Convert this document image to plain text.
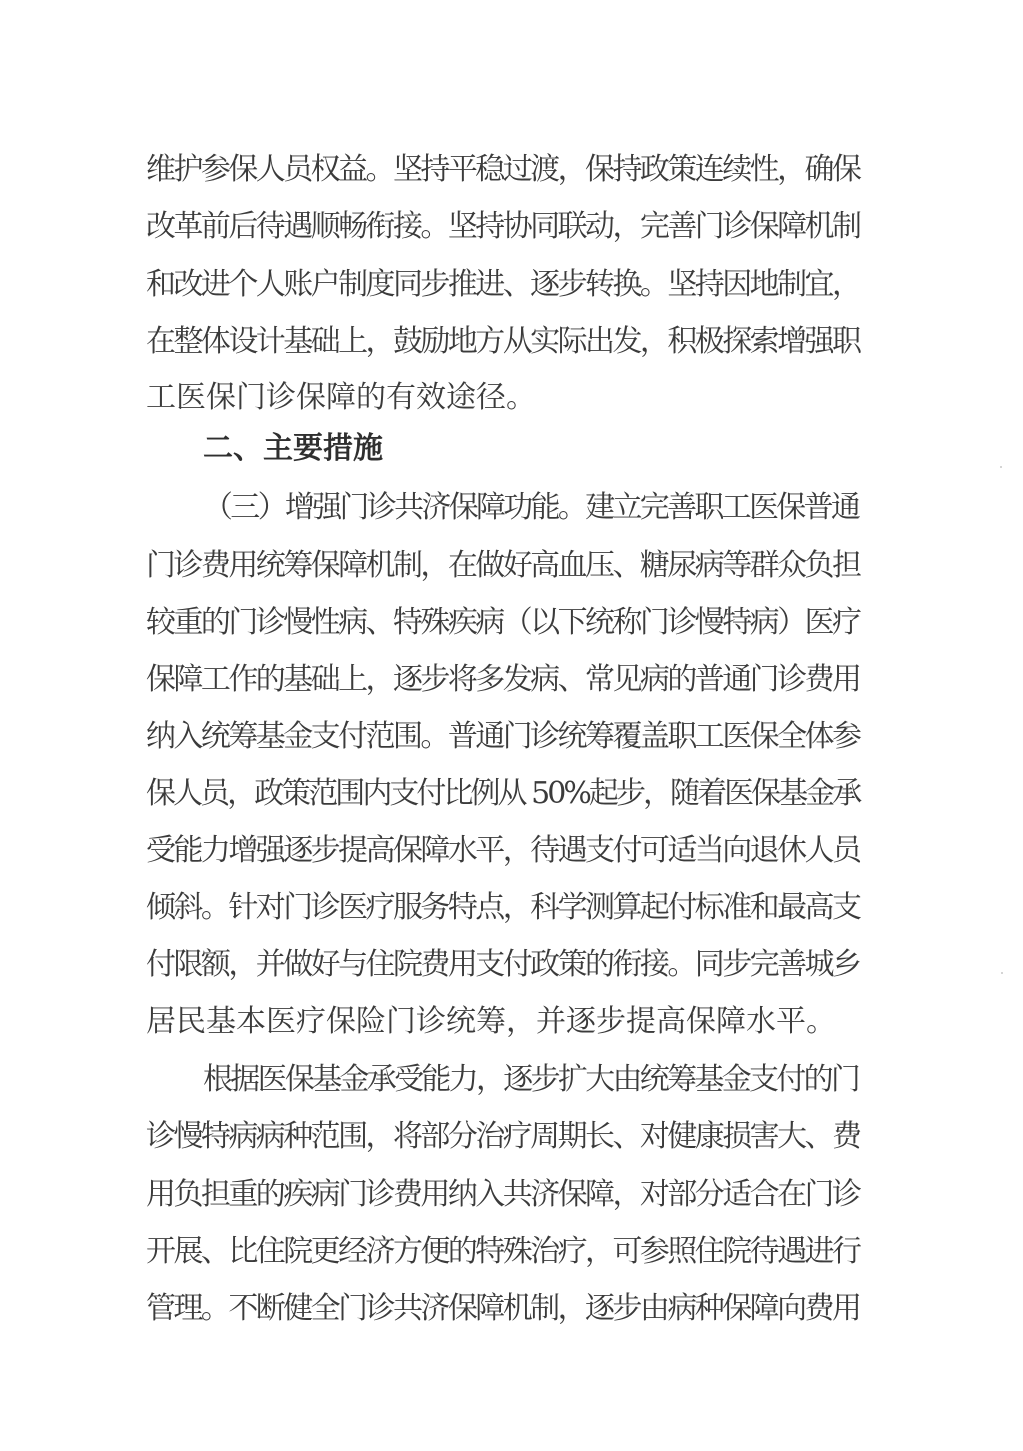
维护参保人员权益。坚持平稳过渡，保持政策连续性，确保
改革前后待遇顺畅衔接。坚持协同联动，完善门诊保障机制
和改进个人账户制度同步推进、逐步转换。坚持因地制宜，
在整体设计基础上，鼓励地方从实际出发，积极探索增强职
工医保门诊保障的有效途径。
二、主要措施
（三）增强门诊共济保障功能。建立完善职工医保普通
门诊费用统筹保障机制，在做好高血压、糖尿病等群众负担
较重的门诊慢性病、特殊疾病（以下统称门诊慢特病）医疗
保障工作的基础上，逐步将多发病、常见病的普通门诊费用
纳入统筹基金支付范围。普通门诊统筹覆盖职工医保全体参
保人员，政策范围内支付比例从 50%起步，随着医保基金承
受能力增强逐步提高保障水平，待遇支付可适当向退休人员
倾斜。针对门诊医疗服务特点，科学测算起付标准和最高支
付限额，并做好与住院费用支付政策的衔接。同步完善城乡
居民基本医疗保险门诊统筹，并逐步提高保障水平。
根据医保基金承受能力，逐步扩大由统筹基金支付的门
诊慢特病病种范围，将部分治疗周期长、对健康损害大、费
用负担重的疾病门诊费用纳入共济保障，对部分适合在门诊
开展、比住院更经济方便的特殊治疗，可参照住院待遇进行
管理。不断健全门诊共济保障机制，逐步由病种保障向费用
